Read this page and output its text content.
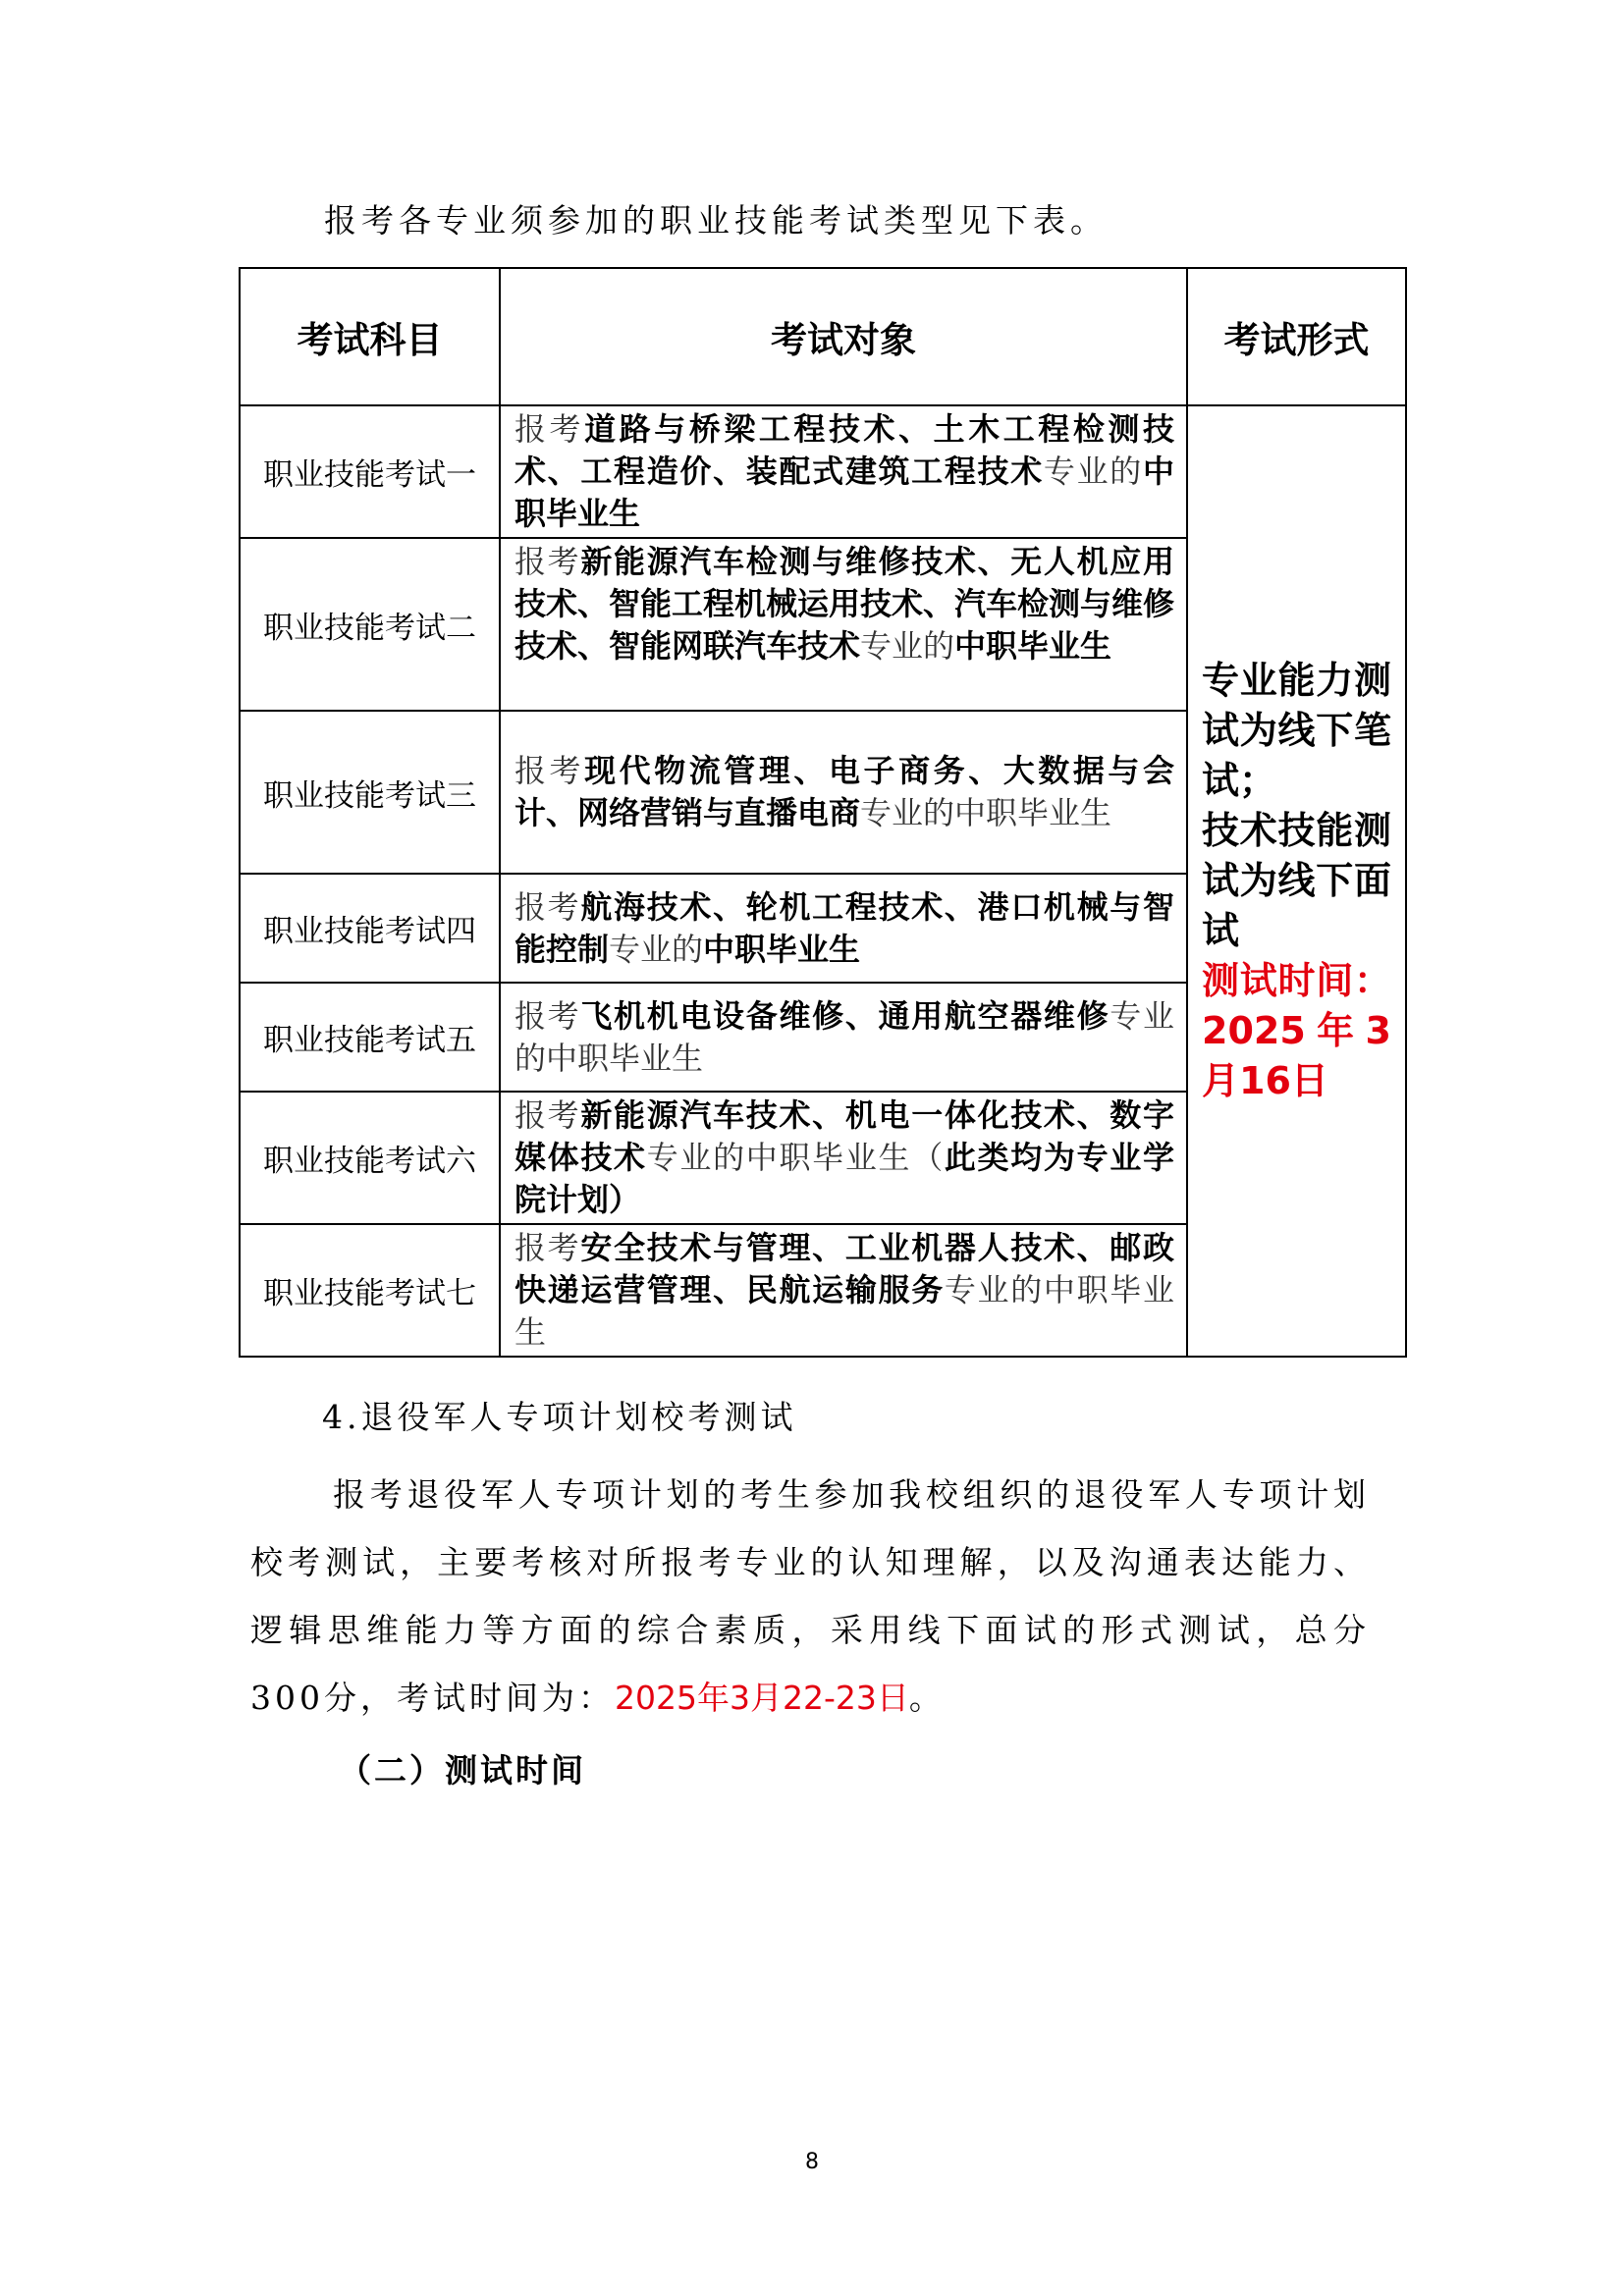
报考各专业须参加的职业技能考试类型见下表。
考试科目	考试对象	考试形式
职业技能考试一	报考道路与桥梁工程技术、土木工程检测技术、工程造价、装配式建筑工程技术专业的中职毕业生	专业能力测试为线下笔试；
技术技能测试为线下面试
测试时间：2025年3月16日

职业技能考试二	报考新能源汽车检测与维修技术、无人机应用技术、智能工程机械运用技术、汽车检测与维修技术、智能网联汽车技术专业的中职毕业生	
职业技能考试三	报考现代物流管理、电子商务、大数据与会计、网络营销与直播电商专业的中职毕业生	
职业技能考试四	报考航海技术、轮机工程技术、港口机械与智能控制专业的中职毕业生	
职业技能考试五	报考飞机机电设备维修、通用航空器维修专业的中职毕业生	
职业技能考试六	报考新能源汽车技术、机电一体化技术、数字媒体技术专业的中职毕业生（此类均为专业学院计划）	
职业技能考试七	报考安全技术与管理、工业机器人技术、邮政快递运营管理、民航运输服务专业的中职毕业生	
4.退役军人专项计划校考测试

报考退役军人专项计划的考生参加我校组织的退役军人专项计划校考测试，主要考核对所报考专业的认知理解，以及沟通表达能力、逻辑思维能力等方面的综合素质，采用线下面试的形式测试，总分300分，考试时间为：2025年3月22-23日。

（二）测试时间
8
